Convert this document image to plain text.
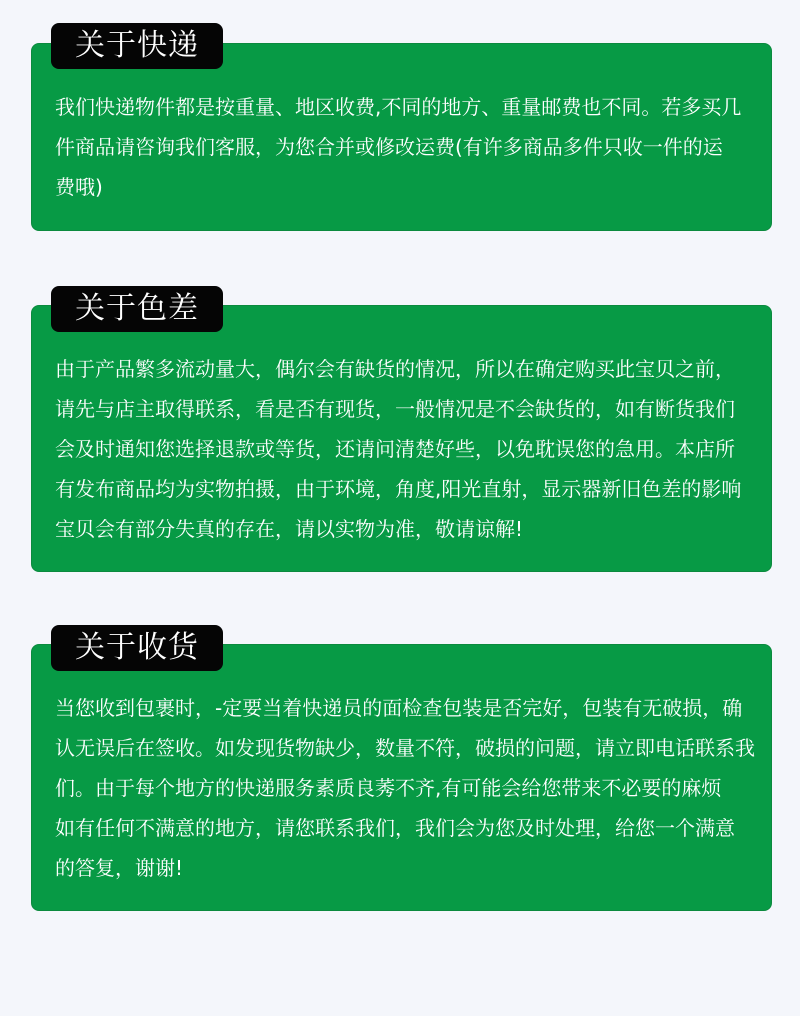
我们快递物件都是按重量、地区收费,不同的地方、重量邮费也不同。若多买几
件商品请咨询我们客服，为您合并或修改运费(有许多商品多件只收一件的运
费哦)

关于快递

由于产品繁多流动量大，偶尔会有缺货的情况，所以在确定购买此宝贝之前，
请先与店主取得联系，看是否有现货，一般情况是不会缺货的，如有断货我们
会及时通知您选择退款或等货，还请问清楚好些，以免耽误您的急用。本店所
有发布商品均为实物拍摄，由于环境，角度,阳光直射，显示器新旧色差的影响
宝贝会有部分失真的存在，请以实物为准，敬请谅解!

关于色差

当您收到包裹时，-定要当着快递员的面检查包装是否完好，包装有无破损，确
认无误后在签收。如发现货物缺少，数量不符，破损的问题，请立即电话联系我
们。由于每个地方的快递服务素质良莠不齐,有可能会给您带来不必要的麻烦
如有任何不满意的地方，请您联系我们，我们会为您及时处理，给您一个满意
的答复，谢谢!

关于收货
